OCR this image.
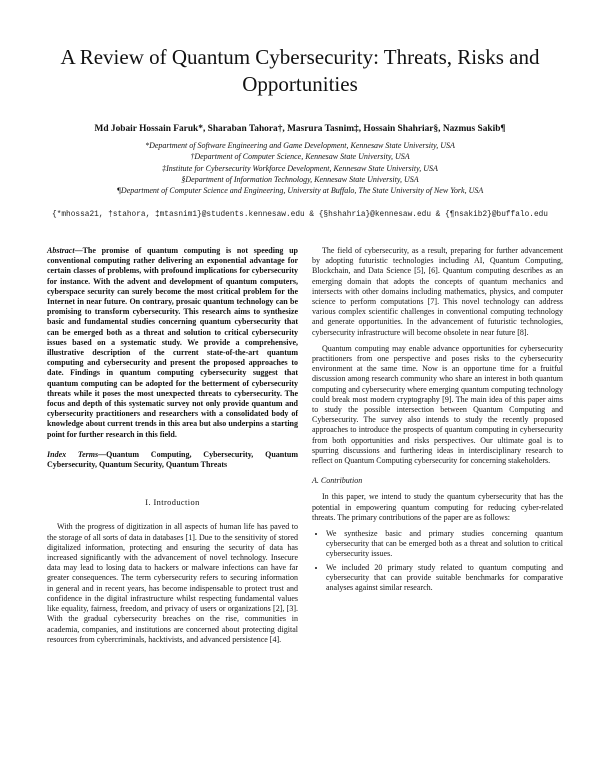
A Review of Quantum Cybersecurity: Threats, Risks and Opportunities
Md Jobair Hossain Faruk*, Sharaban Tahora†, Masrura Tasnim‡, Hossain Shahriar§, Nazmus Sakib¶
*Department of Software Engineering and Game Development, Kennesaw State University, USA
†Department of Computer Science, Kennesaw State University, USA
‡Institute for Cybersecurity Workforce Development, Kennesaw State University, USA
§Department of Information Technology, Kennesaw State University, USA
¶Department of Computer Science and Engineering, University at Buffalo, The State University of New York, USA
{*mhossa21, †stahora, ‡mtasnim1}@students.kennesaw.edu & {§hshahria}@kennesaw.edu & {¶nsakib2}@buffalo.edu
Abstract—The promise of quantum computing is not speeding up conventional computing rather delivering an exponential advantage for certain classes of problems, with profound implications for cybersecurity for instance. With the advent and development of quantum computers, cyberspace security can surely become the most critical problem for the Internet in near future. On contrary, prosaic quantum technology can be promising to transform cybersecurity. This research aims to synthesize basic and fundamental studies concerning quantum cybersecurity that can be emerged both as a threat and solution to critical cybersecurity issues based on a systematic study. We provide a comprehensive, illustrative description of the current state-of-the-art quantum computing and cybersecurity and present the proposed approaches to date. Findings in quantum computing cybersecurity suggest that quantum computing can be adopted for the betterment of cybersecurity threats while it poses the most unexpected threats to cybersecurity. The focus and depth of this systematic survey not only provide quantum and cybersecurity practitioners and researchers with a consolidated body of knowledge about current trends in this area but also underpins a starting point for further research in this field.
Index Terms—Quantum Computing, Cybersecurity, Quantum Cybersecurity, Quantum Security, Quantum Threats
I. Introduction

With the progress of digitization in all aspects of human life has paved to the storage of all sorts of data in databases [1]. Due to the sensitivity of stored digitalized information, protecting and ensuring the security of data has increased significantly with the advancement of novel technology. Insecure data may lead to losing data to hackers or malware infections can have far greater consequences. The term cybersecurity refers to securing information in general and in recent years, has become indispensable to protect trust and confidence in the digital infrastructure whilst respecting fundamental values like equality, fairness, freedom, and privacy of users or organizations [2], [3]. With the gradual cybersecurity breaches on the rise, communities in academia, companies, and institutions are concerned about protecting digital resources from cybercriminals, hacktivists, and advanced persistence [4].

The field of cybersecurity, as a result, preparing for further advancement by adopting futuristic technologies including AI, Quantum Computing, Blockchain, and Data Science [5], [6]. Quantum computing describes as an emerging domain that adopts the concepts of quantum mechanics and intersects with other domains including mathematics, physics, and computer science to perform computations [7]. This novel technology can address various complex scientific challenges in conventional computing technology and generate opportunities. In the advancement of futuristic technologies, cybersecurity infrastructure will become obsolete in near future [8].

Quantum computing may enable advance opportunities for cybersecurity practitioners from one perspective and poses risks to the cybersecurity environment at the same time. Now is an opportune time for a fruitful discussion among research community who share an interest in both quantum computing and cybersecurity where emerging quantum computing technology could break most modern cryptography [9]. The main idea of this paper aims to study the possible intersection between Quantum Computing and Cybersecurity. The survey also intends to study the recently proposed approaches to introduce the prospects of quantum computing in cybersecurity from both opportunities and risks perspectives. Our ultimate goal is to spurring discussions and furthering ideas in interdisciplinary research to reflect on Quantum Computing cybersecurity for concerning stakeholders.

A. Contribution

In this paper, we intend to study the quantum cybersecurity that has the potential in empowering quantum computing for reducing cyber-related threats. The primary contributions of the paper are as follows:

• We synthesize basic and primary studies concerning quantum cybersecurity that can be emerged both as a threat and solution to critical cybersecurity issues.
• We included 20 primary study related to quantum computing and cybersecurity that can provide suitable benchmarks for comparative analyses against similar research.
